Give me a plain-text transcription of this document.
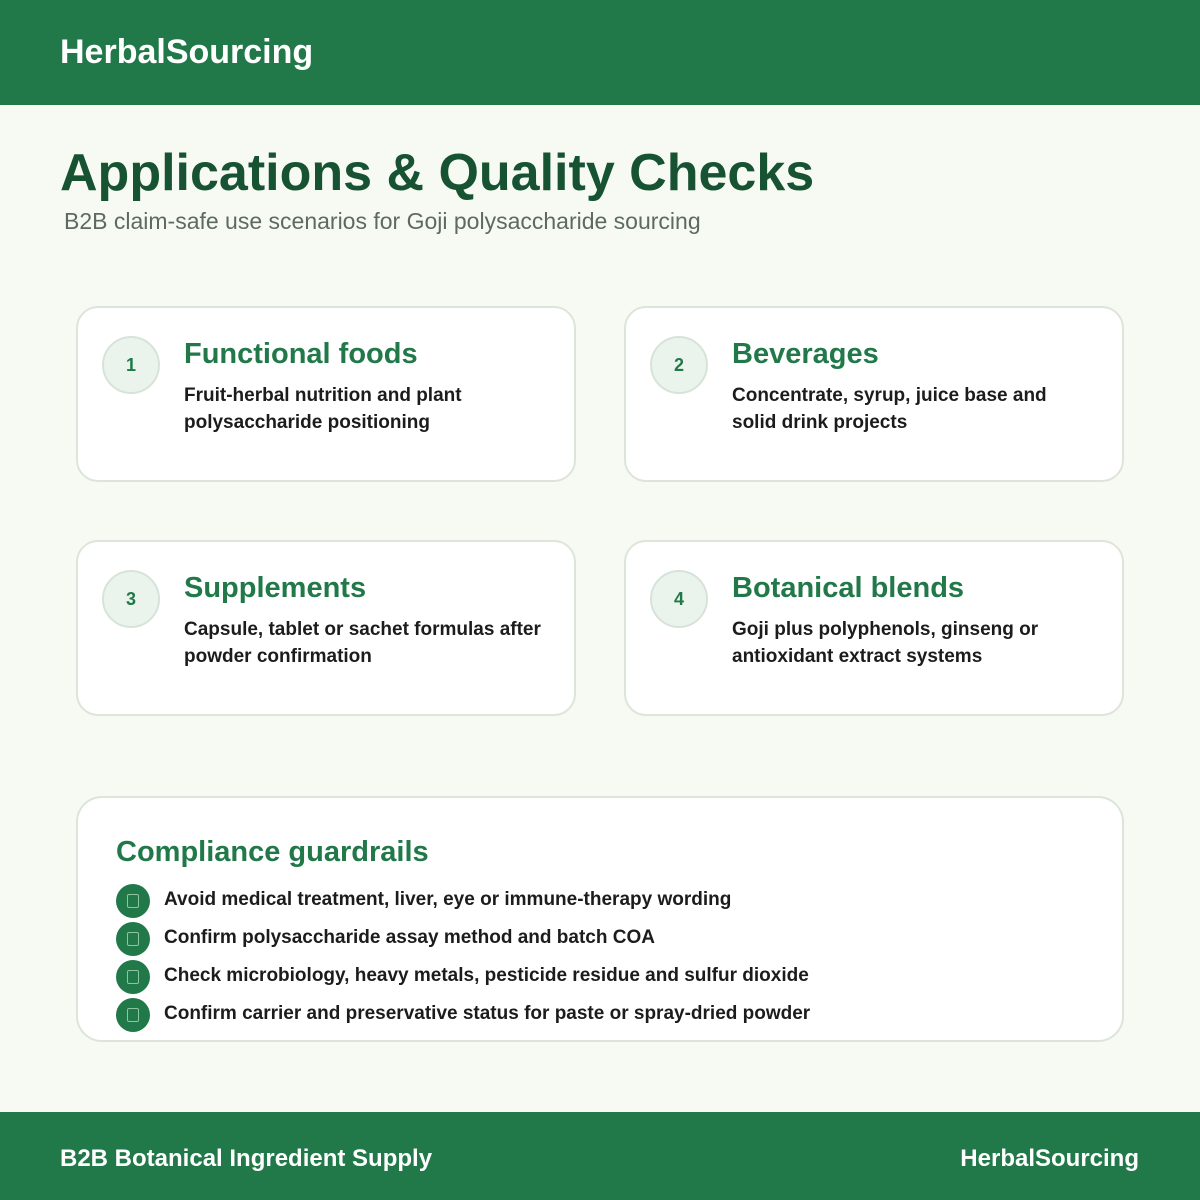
HerbalSourcing
Applications & Quality Checks

B2B claim-safe use scenarios for Goji polysaccharide sourcing

1	Functional foods
Fruit-herbal nutrition and plant polysaccharide positioning
2	Beverages
Concentrate, syrup, juice base and solid drink projects
3	Supplements
Capsule, tablet or sachet formulas after powder confirmation
4	Botanical blends
Goji plus polyphenols, ginseng or antioxidant extract systems
Compliance guardrails
Avoid medical treatment, liver, eye or immune-therapy wording
Confirm polysaccharide assay method and batch COA
Check microbiology, heavy metals, pesticide residue and sulfur dioxide
Confirm carrier and preservative status for paste or spray-dried powder
B2B Botanical Ingredient Supply	HerbalSourcing
